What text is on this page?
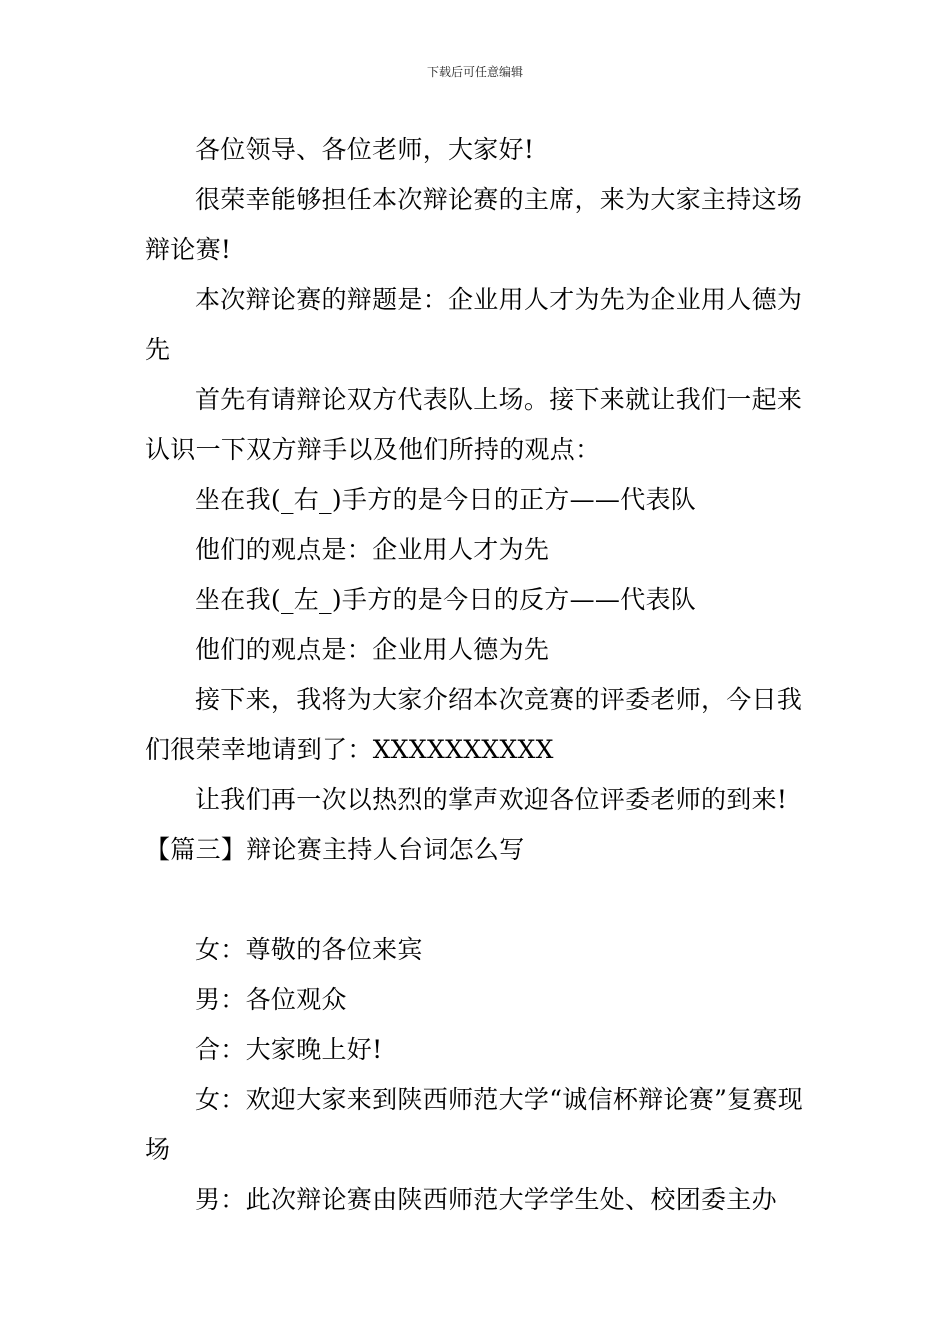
下载后可任意编辑

各位领导、各位老师，大家好!

很荣幸能够担任本次辩论赛的主席，来为大家主持这场辩论赛!

本次辩论赛的辩题是：企业用人才为先为企业用人德为先

首先有请辩论双方代表队上场。接下来就让我们一起来认识一下双方辩手以及他们所持的观点：

坐在我(_右_)手方的是今日的正方——代表队

他们的观点是：企业用人才为先

坐在我(_左_)手方的是今日的反方——代表队

他们的观点是：企业用人德为先

接下来，我将为大家介绍本次竞赛的评委老师，今日我们很荣幸地请到了：XXXXXXXXXX

让我们再一次以热烈的掌声欢迎各位评委老师的到来!

【篇三】辩论赛主持人台词怎么写

女：尊敬的各位来宾

男：各位观众

合：大家晚上好!

女：欢迎大家来到陕西师范大学“诚信杯辩论赛”复赛现场

男：此次辩论赛由陕西师范大学学生处、校团委主办
